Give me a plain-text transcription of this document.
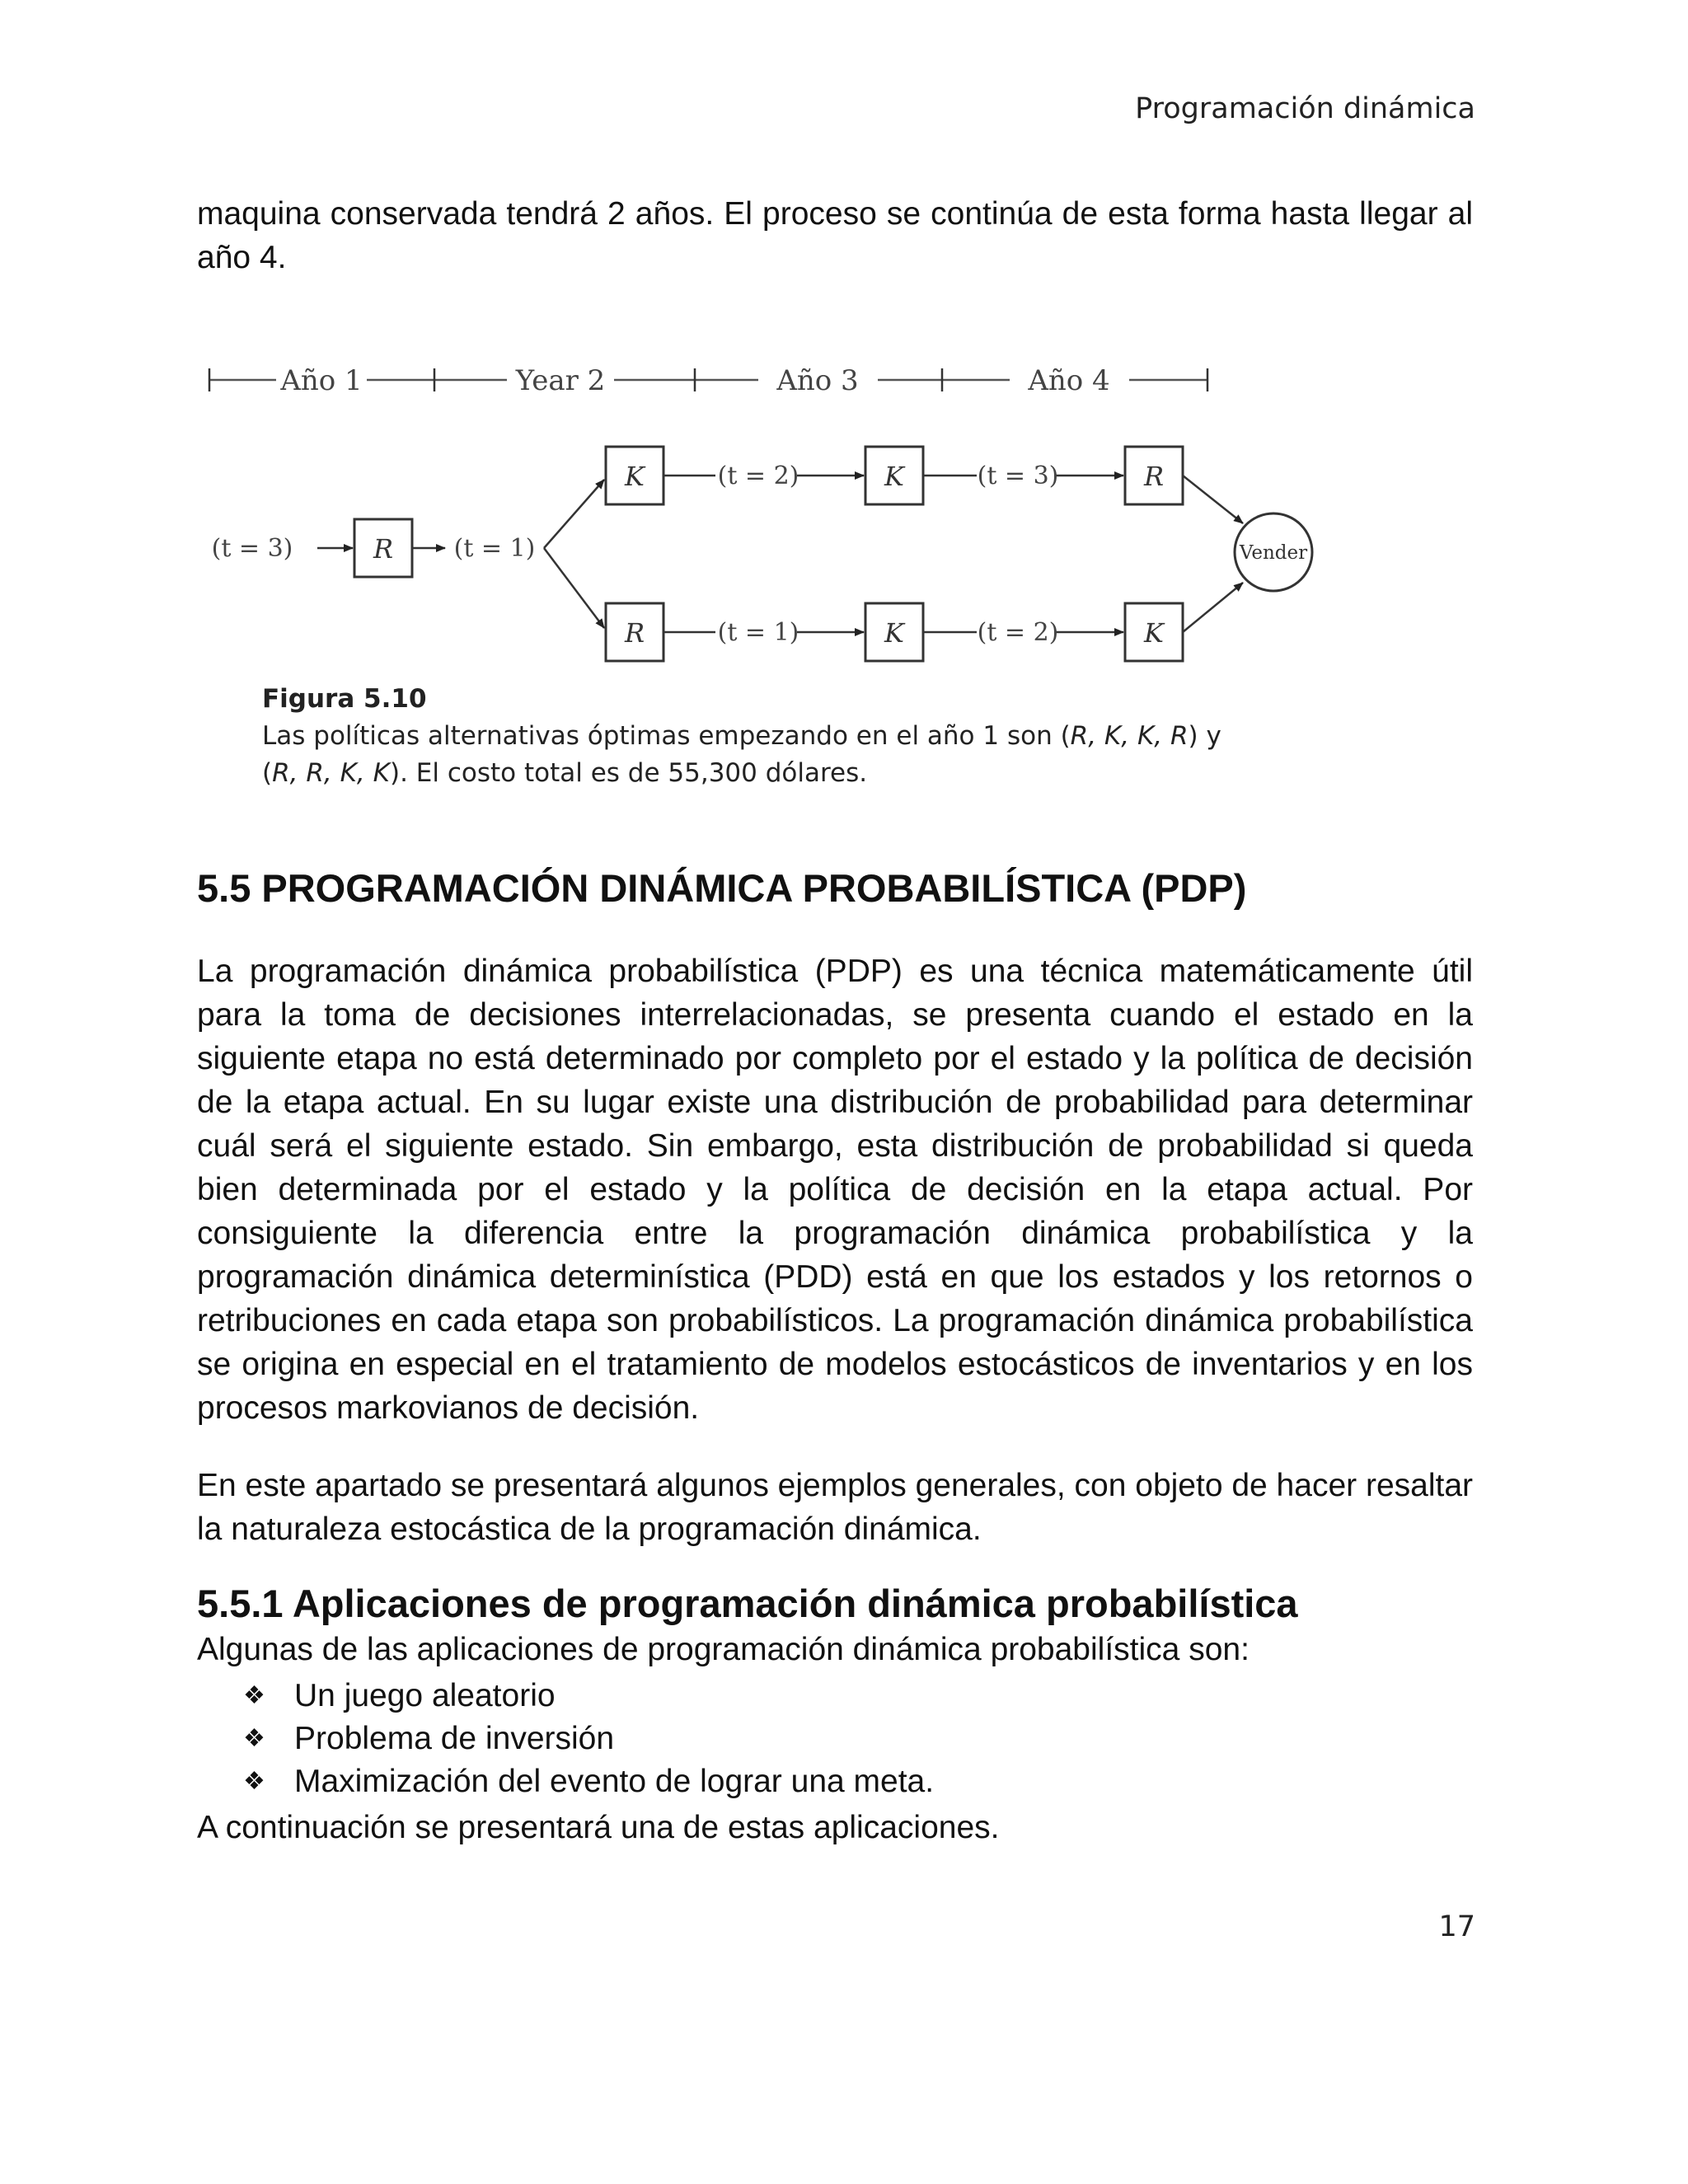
Programación dinámica

maquina conservada tendrá 2 años. El proceso se continúa de esta forma hasta llegar al año 4.

Año 1	Year 2	Año 3	Año 4
R
K	K	R
R	K	K
Vender
(t = 3)	(t = 1)
(t = 2)	(t = 3)
(t = 1)	(t = 2)
Figura 5.10
Las políticas alternativas óptimas empezando en el año 1 son (R, K, K, R) y
(R, R, K, K). El costo total es de 55,300 dólares.
5.5 PROGRAMACIÓN DINÁMICA PROBABILÍSTICA (PDP)

La programación dinámica probabilística (PDP) es una técnica matemáticamente útil para la toma de decisiones interrelacionadas, se presenta cuando el estado en la siguiente etapa no está determinado por completo por el estado y la política de decisión de la etapa actual. En su lugar existe una distribución de probabilidad para determinar cuál será el siguiente estado. Sin embargo, esta distribución de probabilidad si queda bien determinada por el estado y la política de decisión en la etapa actual. Por consiguiente la diferencia entre la programación dinámica probabilística y la programación dinámica determinística (PDD) está en que los estados y los retornos o retribuciones en cada etapa son probabilísticos. La programación dinámica probabilística se origina en especial en el tratamiento de modelos estocásticos de inventarios y en los procesos markovianos de decisión.

En este apartado se presentará algunos ejemplos generales, con objeto de hacer resaltar la naturaleza estocástica de la programación dinámica.

5.5.1 Aplicaciones de programación dinámica probabilística
Algunas de las aplicaciones de programación dinámica probabilística son:
❖ Un juego aleatorio
❖ Problema de inversión
❖ Maximización del evento de lograr una meta.
A continuación se presentará una de estas aplicaciones.
17
